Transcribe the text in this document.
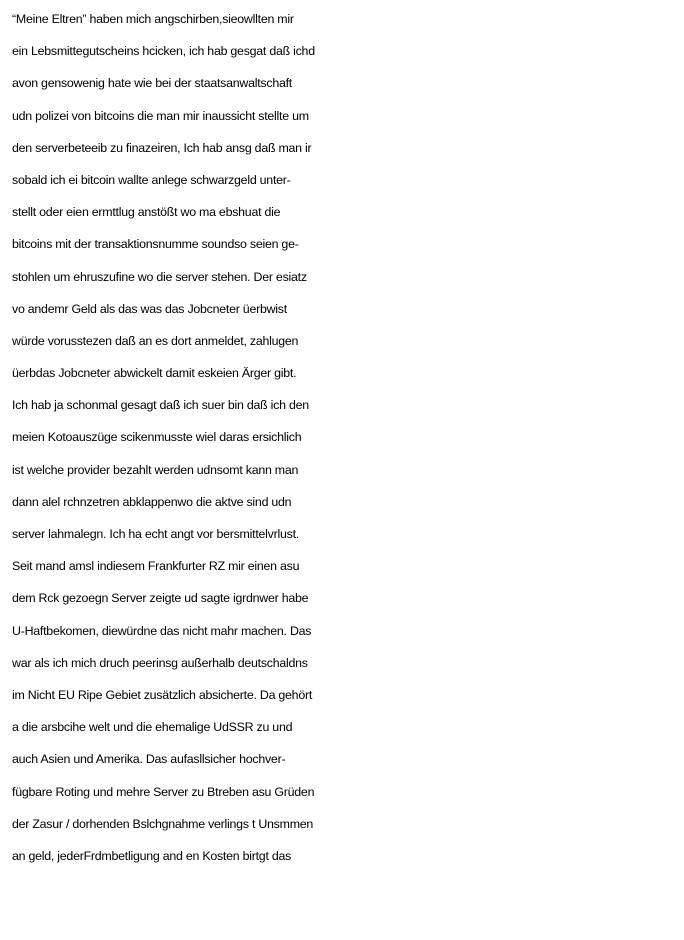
“Meine Eltren” haben mich angschirben,sieowllten mir
ein Lebsmittegutscheins hcicken, ich hab gesgat daß ichd
avon gensowenig hate wie bei der staatsanwaltschaft
udn polizei von bitcoins die man mir inaussicht stellte um
den serverbeteeib zu finazeiren, Ich hab ansg daß man ir
sobald ich ei bitcoin wallte anlege schwarzgeld unter-
stellt oder eien ermttlug anstößt wo ma ebshuat die
bitcoins mit der transaktionsnumme soundso seien ge-
stohlen um ehruszufine wo die server stehen. Der esiatz
vo andemr Geld als das was das Jobcneter üerbwist
würde vorusstezen daß an es dort anmeldet, zahlugen
üerbdas Jobcneter abwickelt damit eskeien Ärger gibt.
Ich hab ja schonmal gesagt daß ich suer bin daß ich den
meien Kotoauszüge scikenmusste wiel daras ersichlich
ist welche provider bezahlt werden udnsomt kann man
dann alel rchnzetren abklappenwo die aktve sind udn
server lahmalegn. Ich ha echt angt vor bersmittelvrlust.
Seit mand amsl indiesem Frankfurter RZ mir einen asu
dem Rck gezoegn Server zeigte ud sagte igrdnwer habe
U-Haftbekomen, diewürdne das nicht mahr machen. Das
war als ich mich druch peerinsg außerhalb deutschaldns
im Nicht EU Ripe Gebiet zusätzlich absicherte. Da gehört
a die arsbcihe welt und die ehemalige UdSSR zu und
auch Asien und Amerika. Das aufasllsicher hochver-
fügbare Roting und mehre Server zu Btreben asu Grüden
der Zasur / dorhenden Bslchgnahme verlings t Unsmmen
an geld, jederFrdmbetligung and en Kosten birtgt das
